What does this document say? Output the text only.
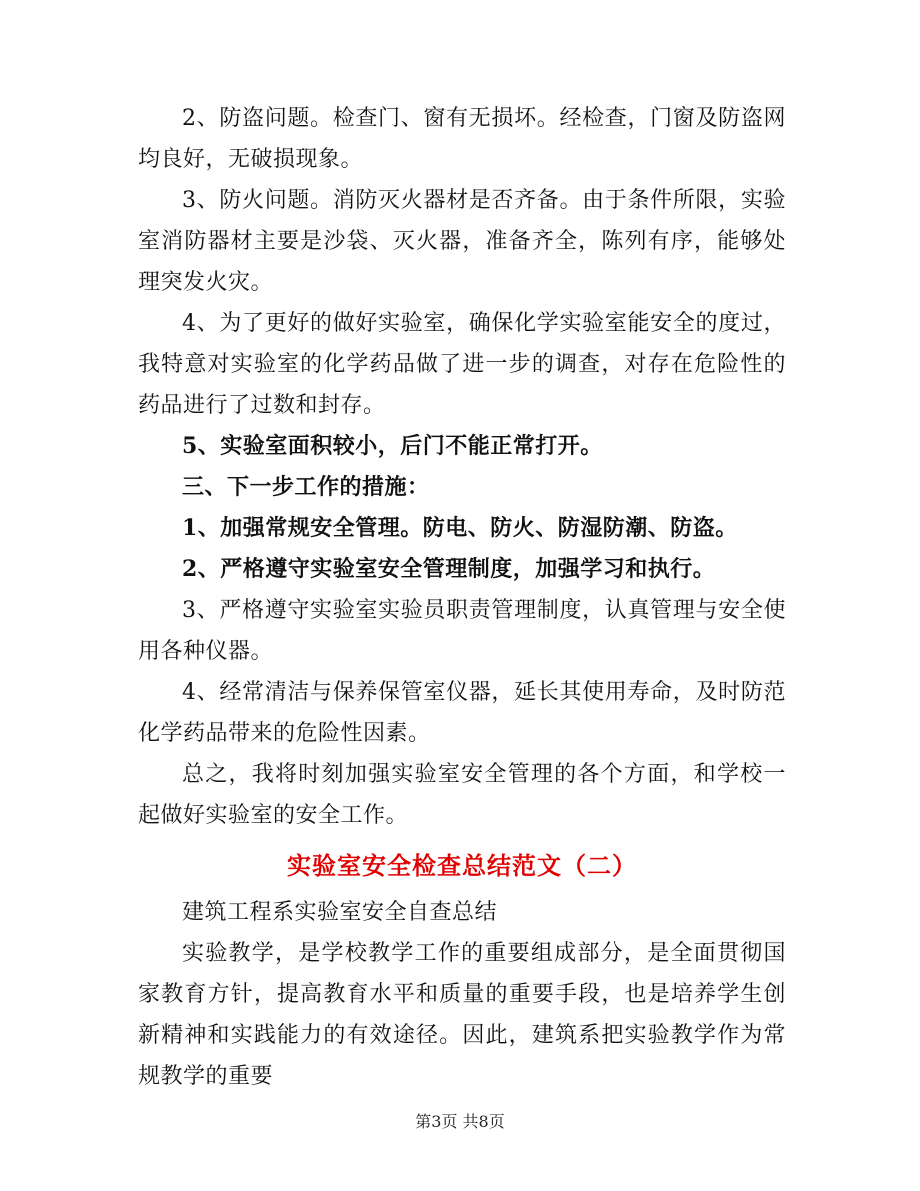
2、防盗问题。检查门、窗有无损坏。经检查，门窗及防盗网均良好，无破损现象。

3、防火问题。消防灭火器材是否齐备。由于条件所限，实验室消防器材主要是沙袋、灭火器，准备齐全，陈列有序，能够处理突发火灾。

4、为了更好的做好实验室，确保化学实验室能安全的度过，我特意对实验室的化学药品做了进一步的调查，对存在危险性的药品进行了过数和封存。

5、实验室面积较小，后门不能正常打开。

三、下一步工作的措施：

1、加强常规安全管理。防电、防火、防湿防潮、防盗。

2、严格遵守实验室安全管理制度，加强学习和执行。

3、严格遵守实验室实验员职责管理制度，认真管理与安全使用各种仪器。

4、经常清洁与保养保管室仪器，延长其使用寿命，及时防范化学药品带来的危险性因素。

总之，我将时刻加强实验室安全管理的各个方面，和学校一起做好实验室的安全工作。

实验室安全检查总结范文（二）

建筑工程系实验室安全自查总结

实验教学，是学校教学工作的重要组成部分，是全面贯彻国家教育方针，提高教育水平和质量的重要手段，也是培养学生创新精神和实践能力的有效途径。因此，建筑系把实验教学作为常规教学的重要

第3页 共8页
